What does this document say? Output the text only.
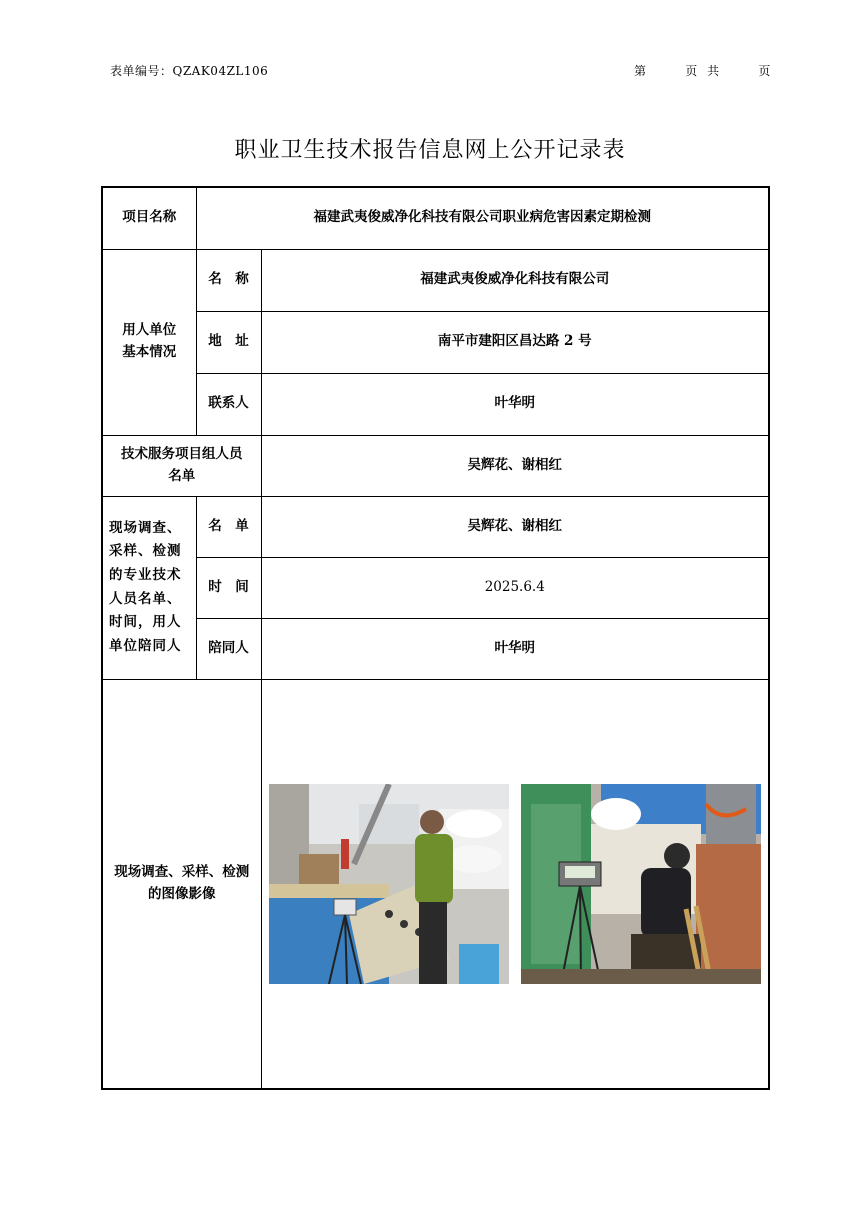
表单编号：QZAK04ZL106	第	页 共	页
职业卫生技术报告信息网上公开记录表
项目名称	福建武夷俊威净化科技有限公司职业病危害因素定期检测	
用人单位
基本情况	名　称	福建武夷俊威净化科技有限公司
	地　址	南平市建阳区昌达路 2 号
	联系人	叶华明
技术服务项目组人员名单		吴辉花、谢相红
现场调查、采样、检测的专业技术人员名单、时间，用人单位陪同人	名　单	吴辉花、谢相红
	时　间	2025.6.4
	陪同人	叶华明
现场调查、采样、检测的图像影像	
